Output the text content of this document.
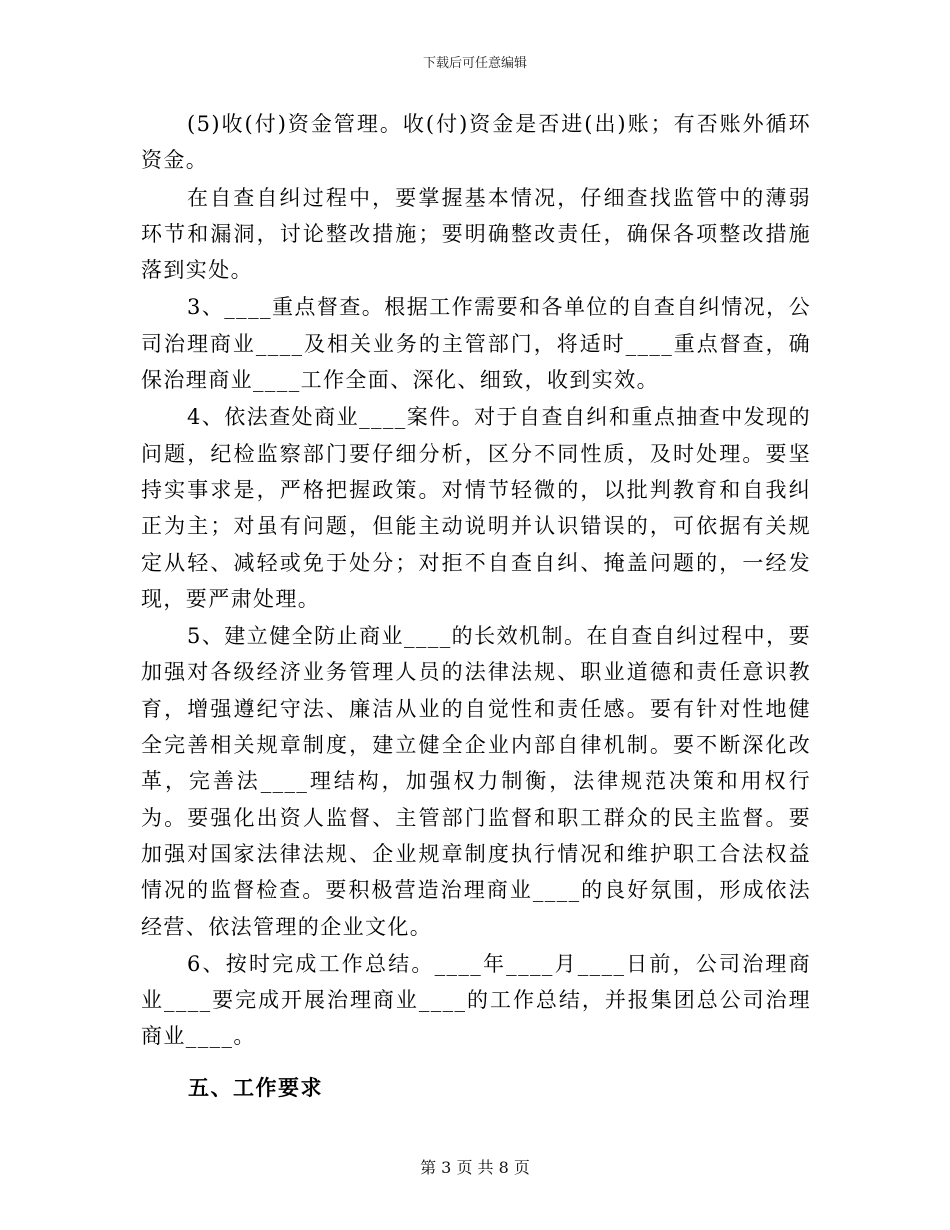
下载后可任意编辑

(5)收(付)资金管理。收(付)资金是否进(出)账；有否账外循环资金。

在自查自纠过程中，要掌握基本情况，仔细查找监管中的薄弱环节和漏洞，讨论整改措施；要明确整改责任，确保各项整改措施落到实处。

3、____重点督查。根据工作需要和各单位的自查自纠情况，公司治理商业____及相关业务的主管部门，将适时____重点督查，确保治理商业____工作全面、深化、细致，收到实效。

4、依法查处商业____案件。对于自查自纠和重点抽查中发现的问题，纪检监察部门要仔细分析，区分不同性质，及时处理。要坚持实事求是，严格把握政策。对情节轻微的，以批判教育和自我纠正为主；对虽有问题，但能主动说明并认识错误的，可依据有关规定从轻、减轻或免于处分；对拒不自查自纠、掩盖问题的，一经发现，要严肃处理。

5、建立健全防止商业____的长效机制。在自查自纠过程中，要加强对各级经济业务管理人员的法律法规、职业道德和责任意识教育，增强遵纪守法、廉洁从业的自觉性和责任感。要有针对性地健全完善相关规章制度，建立健全企业内部自律机制。要不断深化改革，完善法____理结构，加强权力制衡，法律规范决策和用权行为。要强化出资人监督、主管部门监督和职工群众的民主监督。要加强对国家法律法规、企业规章制度执行情况和维护职工合法权益情况的监督检查。要积极营造治理商业____的良好氛围，形成依法经营、依法管理的企业文化。

6、按时完成工作总结。____年____月____日前，公司治理商业____要完成开展治理商业____的工作总结，并报集团总公司治理商业____。

五、工作要求
第 3 页 共 8 页
